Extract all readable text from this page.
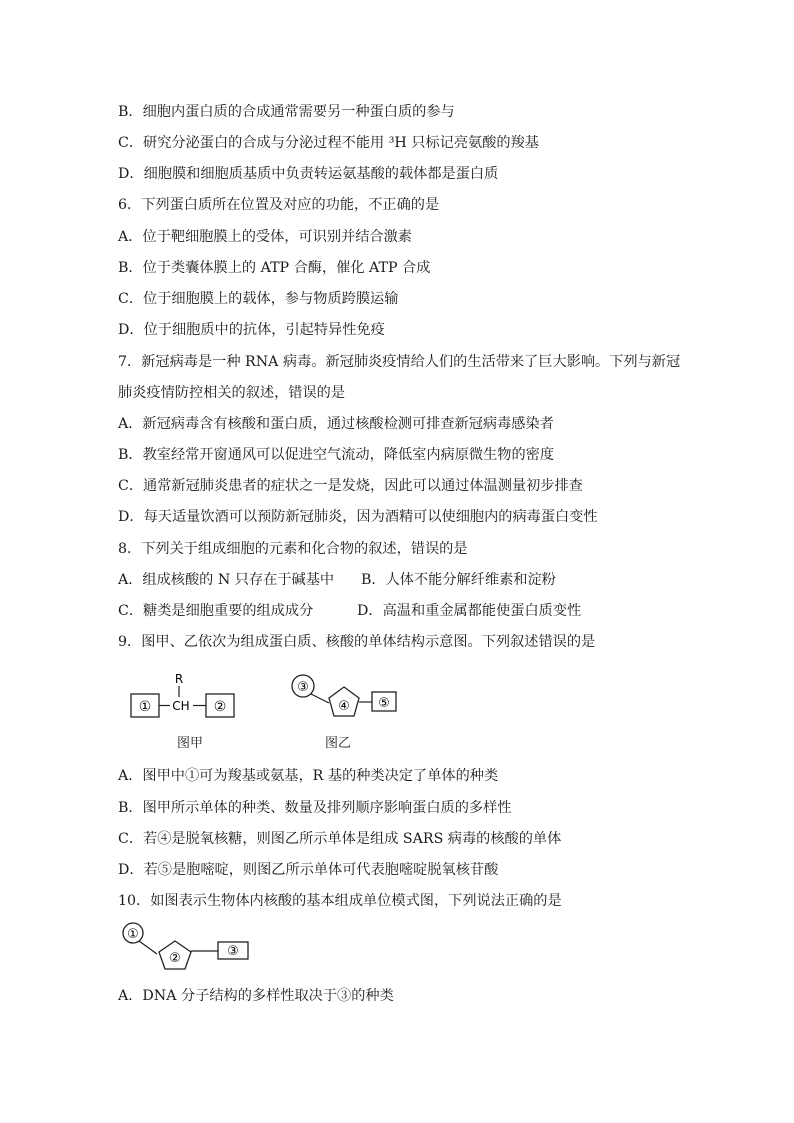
B．细胞内蛋白质的合成通常需要另一种蛋白质的参与
C．研究分泌蛋白的合成与分泌过程不能用 ³H 只标记亮氨酸的羧基
D．细胞膜和细胞质基质中负责转运氨基酸的载体都是蛋白质
6．下列蛋白质所在位置及对应的功能，不正确的是
A．位于靶细胞膜上的受体，可识别并结合激素
B．位于类囊体膜上的 ATP 合酶，催化 ATP 合成
C．位于细胞膜上的载体，参与物质跨膜运输
D．位于细胞质中的抗体，引起特异性免疫
7．新冠病毒是一种 RNA 病毒。新冠肺炎疫情给人们的生活带来了巨大影响。下列与新冠
肺炎疫情防控相关的叙述，错误的是
A．新冠病毒含有核酸和蛋白质，通过核酸检测可排查新冠病毒感染者
B．教室经常开窗通风可以促进空气流动，降低室内病原微生物的密度
C．通常新冠肺炎患者的症状之一是发烧，因此可以通过体温测量初步排查
D．每天适量饮酒可以预防新冠肺炎，因为酒精可以使细胞内的病毒蛋白变性
8．下列关于组成细胞的元素和化合物的叙述，错误的是
A．组成核酸的 N 只存在于碱基中 B．人体不能分解纤维素和淀粉
C．糖类是细胞重要的组成成分	D．高温和重金属都能使蛋白质变性
9．图甲、乙依次为组成蛋白质、核酸的单体结构示意图。下列叙述错误的是
①
R
CH ②
图甲
③
④ ⑤
图乙
A．图甲中①可为羧基或氨基，R 基的种类决定了单体的种类
B．图甲所示单体的种类、数量及排列顺序影响蛋白质的多样性
C．若④是脱氧核糖，则图乙所示单体是组成 SARS 病毒的核酸的单体
D．若⑤是胞嘧啶，则图乙所示单体可代表胞嘧啶脱氧核苷酸
10．如图表示生物体内核酸的基本组成单位模式图，下列说法正确的是
①
②	③
A．DNA 分子结构的多样性取决于③的种类
